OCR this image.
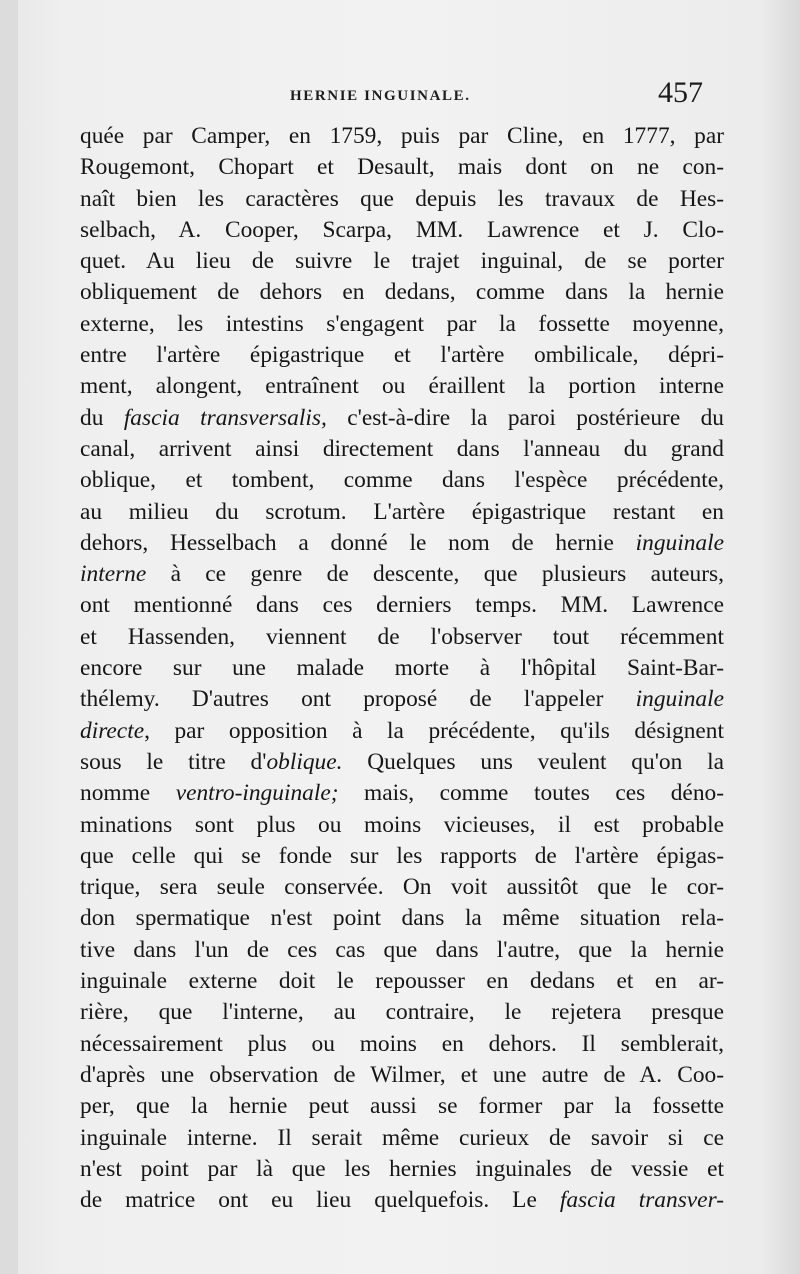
HERNIE INGUINALE.	457
quée par Camper, en 1759, puis par Cline, en 1777, par
Rougemont, Chopart et Desault, mais dont on ne con-
naît bien les caractères que depuis les travaux de Hes-
selbach, A. Cooper, Scarpa, MM. Lawrence et J. Clo-
quet. Au lieu de suivre le trajet inguinal, de se porter
obliquement de dehors en dedans, comme dans la hernie
externe, les intestins s'engagent par la fossette moyenne,
entre l'artère épigastrique et l'artère ombilicale, dépri-
ment, alongent, entraînent ou éraillent la portion interne
du fascia transversalis, c'est-à-dire la paroi postérieure du
canal, arrivent ainsi directement dans l'anneau du grand
oblique, et tombent, comme dans l'espèce précédente,
au milieu du scrotum. L'artère épigastrique restant en
dehors, Hesselbach a donné le nom de hernie inguinale
interne à ce genre de descente, que plusieurs auteurs,
ont mentionné dans ces derniers temps. MM. Lawrence
et Hassenden, viennent de l'observer tout récemment
encore sur une malade morte à l'hôpital Saint-Bar-
thélemy. D'autres ont proposé de l'appeler inguinale
directe, par opposition à la précédente, qu'ils désignent
sous le titre d'oblique. Quelques uns veulent qu'on la
nomme ventro-inguinale; mais, comme toutes ces déno-
minations sont plus ou moins vicieuses, il est probable
que celle qui se fonde sur les rapports de l'artère épigas-
trique, sera seule conservée. On voit aussitôt que le cor-
don spermatique n'est point dans la même situation rela-
tive dans l'un de ces cas que dans l'autre, que la hernie
inguinale externe doit le repousser en dedans et en ar-
rière, que l'interne, au contraire, le rejetera presque
nécessairement plus ou moins en dehors. Il semblerait,
d'après une observation de Wilmer, et une autre de A. Coo-
per, que la hernie peut aussi se former par la fossette
inguinale interne. Il serait même curieux de savoir si ce
n'est point par là que les hernies inguinales de vessie et
de matrice ont eu lieu quelquefois. Le fascia transver-
